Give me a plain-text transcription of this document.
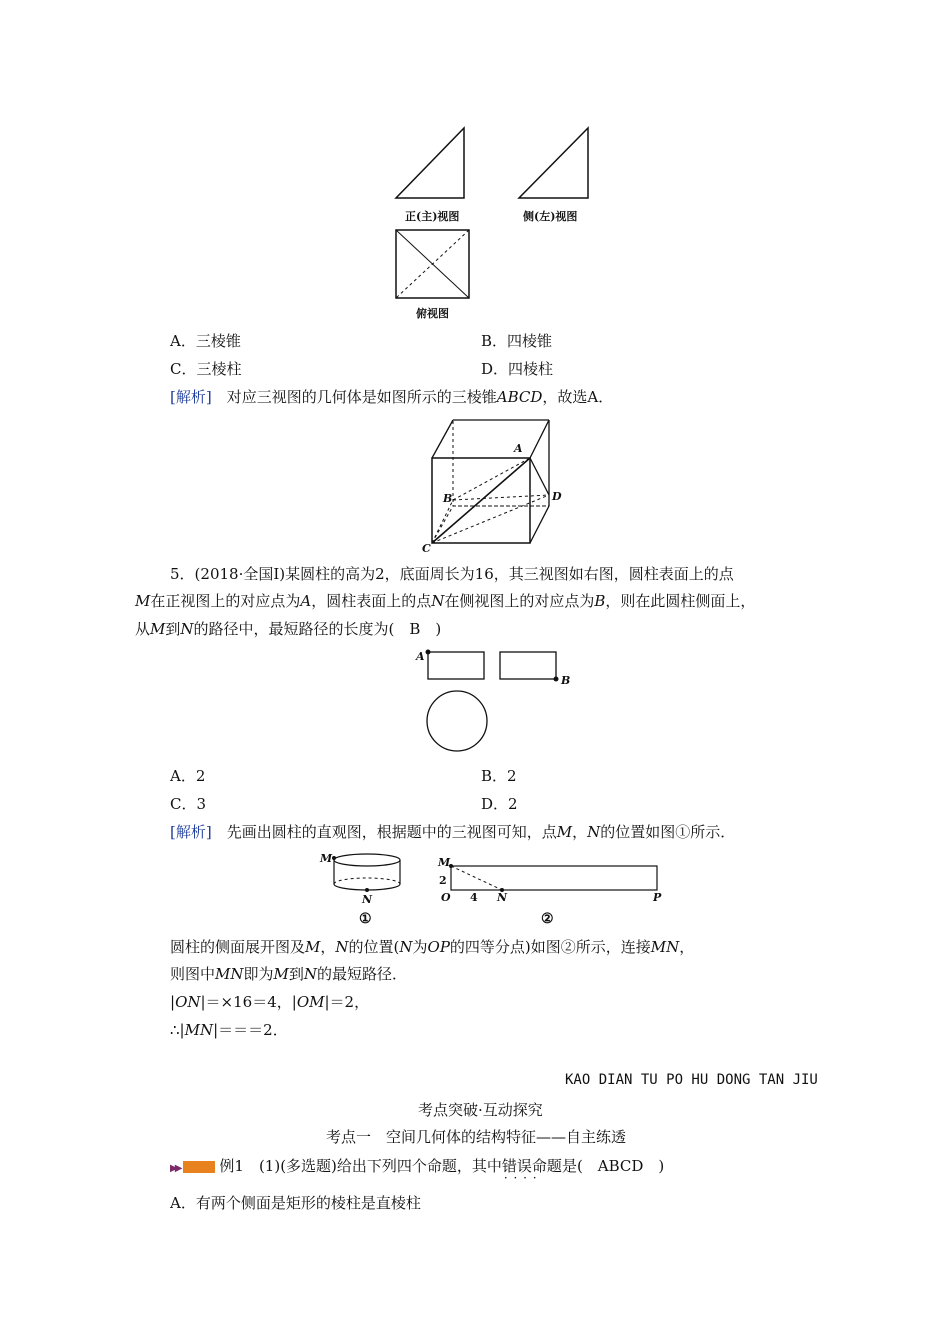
正(主)视图	侧(左)视图
俯视图
A．三棱锥	B．四棱锥
C．三棱柱	D．四棱柱
[解析]　 对应三视图的几何体是如图所示的三棱锥ABCD，故选A．
A
B
C
D
5．(2018·全国Ⅰ)某圆柱的高为2，底面周长为16，其三视图如右图，圆柱表面上的点
M在正视图上的对应点为A，圆柱表面上的点N在侧视图上的对应点为B，则在此圆柱侧面上，
从M到N的路径中，最短路径的长度为(　B　)
A
B
A．2	B．2
C．3	D．2
[解析]　 先画出圆柱的直观图，根据题中的三视图可知，点M，N的位置如图①所示．
M
N
①
M
2
O 4 N	P
②
圆柱的侧面展开图及M，N的位置(N为OP的四等分点)如图②所示，连接MN，
则图中MN即为M到N的最短路径．
|ON|＝×16＝4，|OM|＝2，
∴|MN|＝＝＝2．
KAO DIAN TU PO HU DONG TAN JIU
考点突破·互动探究
考点一　空间几何体的结构特征——自主练透
▶▶	例1　 (1)(多选题)给出下列四个命题，其中错误命题 · · · ·是(　ABCD　)
A．有两个侧面是矩形的棱柱是直棱柱
